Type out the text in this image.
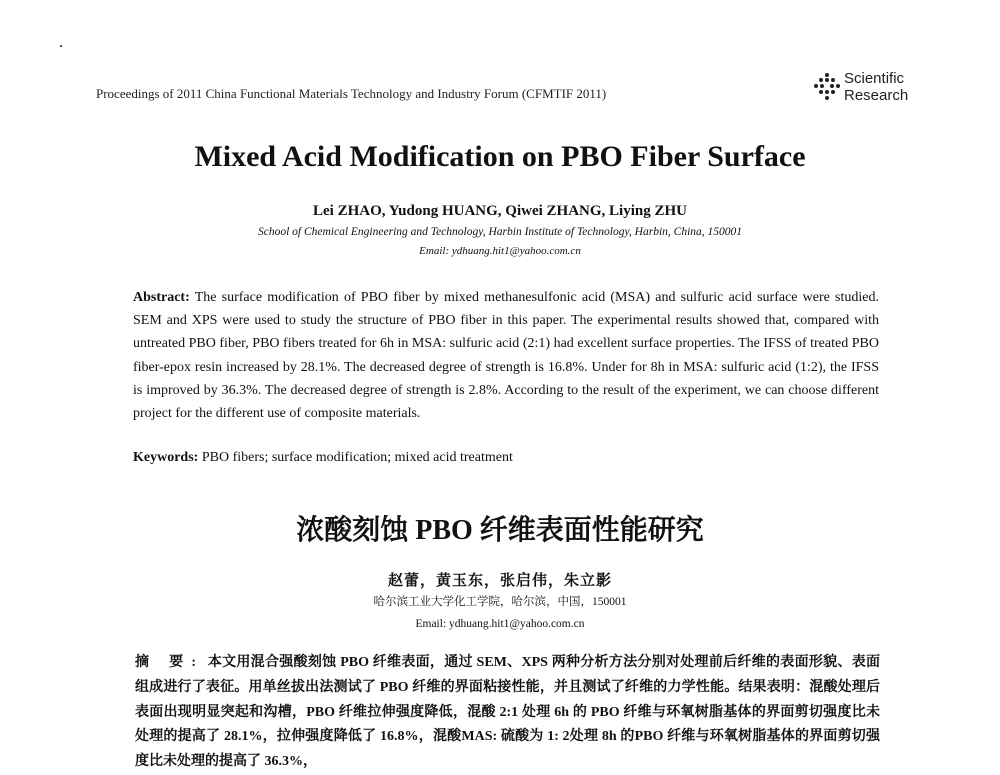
Proceedings of 2011 China Functional Materials Technology and Industry Forum (CFMTIF 2011)
Scientific
Research
Mixed Acid Modification on PBO Fiber Surface
Lei ZHAO, Yudong HUANG, Qiwei ZHANG, Liying ZHU
School of Chemical Engineering and Technology, Harbin Institute of Technology, Harbin, China, 150001
Email: ydhuang.hit1@yahoo.com.cn
Abstract: The surface modification of PBO fiber by mixed methanesulfonic acid (MSA) and sulfuric acid surface were studied. SEM and XPS were used to study the structure of PBO fiber in this paper. The experimental results showed that, compared with untreated PBO fiber, PBO fibers treated for 6h in MSA: sulfuric acid (2:1) had excellent surface properties. The IFSS of treated PBO fiber-epox resin increased by 28.1%. The decreased degree of strength is 16.8%. Under for 8h in MSA: sulfuric acid (1:2), the IFSS is improved by 36.3%. The decreased degree of strength is 2.8%. According to the result of the experiment, we can choose different project for the different use of composite materials.
Keywords: PBO fibers; surface modification; mixed acid treatment
浓酸刻蚀 PBO 纤维表面性能研究
赵蕾，黄玉东，张启伟，朱立影
哈尔滨工业大学化工学院，哈尔滨，中国，150001
Email: ydhuang.hit1@yahoo.com.cn
摘 要: 本文用混合强酸刻蚀 PBO 纤维表面，通过 SEM、XPS 两种分析方法分别对处理前后纤维的表面形貌、表面组成进行了表征。用单丝拔出法测试了 PBO 纤维的界面粘接性能，并且测试了纤维的力学性能。结果表明：混酸处理后表面出现明显突起和沟槽，PBO 纤维拉伸强度降低，混酸 2:1 处理 6h 的 PBO 纤维与环氧树脂基体的界面剪切强度比未处理的提高了 28.1%，拉伸强度降低了 16.8%，混酸MAS: 硫酸为 1: 2处理 8h 的PBO 纤维与环氧树脂基体的界面剪切强度比未处理的提高了 36.3%，
